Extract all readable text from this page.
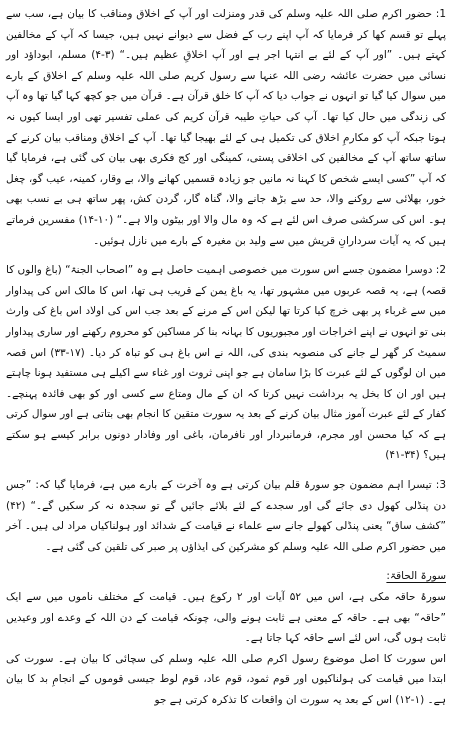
1: حضور اکرم صلی اللہ علیہ وسلم کی قدر ومنزلت اور آپ کے اخلاق ومناقب کا بیان ہے، سب سے پہلے تو قسم کھا کر فرمایا کہ آپ اپنے رب کے فضل سے دیوانے نہیں ہیں، جیسا کہ آپ کے مخالفین کہتے ہیں۔ ”اور آپ کے لئے بے انتہا اجر ہے اور آپ اخلاقِ عظیم ہیں۔“ (۳-۴) مسلم، ابوداؤد اور نسائی میں حضرت عائشہ رضی اللہ عنہا سے رسول کریم صلی اللہ علیہ وسلم کے اخلاق کے بارے میں سوال کیا گیا تو انہوں نے جواب دیا کہ آپ کا خلق قرآن ہے۔ قرآن میں جو کچھ کہا گیا تھا وہ آپ کی زندگی میں حال کیا تھا۔ آپ کی حیاتِ طیبہ قرآن کریم کی عملی تفسیر تھی اور ایسا کیوں نہ ہوتا جبکہ آپ کو مکارمِ اخلاق کی تکمیل ہی کے لئے بھیجا گیا تھا۔ آپ کے اخلاق ومناقب بیان کرنے کے ساتھ ساتھ آپ کے مخالفین کی اخلاقی پستی، کمینگی اور کج فکری بھی بیان کی گئی ہے، فرمایا گیا کہ آپ ”کسی ایسے شخص کا کہنا نہ مانیں جو زیادہ قسمیں کھانے والا، بے وقار، کمینہ، عیب گو، چغل خور، بھلائی سے روکنے والا، حد سے بڑھ جانے والا، گناہ گار، گردن کش، پھر ساتھ ہی بے نسب بھی ہو۔ اس کی سرکشی صرف اس لئے ہے کہ وہ مال والا اور بیٹوں والا ہے۔“ (۱۰-۱۴) مفسرین فرماتے ہیں کہ یہ آیات سردارانِ قریش میں سے ولید بن مغیرہ کے بارے میں نازل ہوئیں۔

2: دوسرا مضمون جسے اس سورت میں خصوصی اہمیت حاصل ہے وہ ”اصحاب الجنۃ“ (باغ والوں کا قصہ) ہے، یہ قصہ عربوں میں مشہور تھا، یہ باغ یمن کے قریب ہی تھا، اس کا مالک اس کی پیداوار میں سے غرباء پر بھی خرچ کیا کرتا تھا لیکن اس کے مرنے کے بعد جب اس کی اولاد اس باغ کی وارث بنی تو انہوں نے اپنے اخراجات اور مجبوریوں کا بہانہ بنا کر مساکین کو محروم رکھنے اور ساری پیداوار سمیٹ کر گھر لے جانے کی منصوبہ بندی کی، اللہ نے اس باغ ہی کو تباہ کر دیا۔ (۱۷-۳۳) اس قصہ میں ان لوگوں کے لئے عبرت کا بڑا سامان ہے جو اپنی ثروت اور غناء سے اکیلے ہی مستفید ہونا چاہتے ہیں اور ان کا بخل یہ برداشت نہیں کرتا کہ ان کے مال ومتاع سے کسی اور کو بھی فائدہ پہنچے۔ کفار کے لئے عبرت آموز مثال بیان کرنے کے بعد یہ سورت متقین کا انجام بھی بتاتی ہے اور سوال کرتی ہے کہ کیا محسن اور مجرم، فرمانبردار اور نافرمان، باغی اور وفادار دونوں برابر کیسے ہو سکتے ہیں؟ (۳۴-۴۱)

3: تیسرا اہم مضمون جو سورۂ قلم بیان کرتی ہے وہ آخرت کے بارے میں ہے، فرمایا گیا کہ: ”جس دن پنڈلی کھول دی جائے گی اور سجدے کے لئے بلائے جائیں گے تو سجدہ نہ کر سکیں گے۔“ (۴۲) ”کشف ساق“ یعنی پنڈلی کھولے جانے سے علماء نے قیامت کے شدائد اور ہولناکیاں مراد لی ہیں۔ آخر میں حضور اکرم صلی اللہ علیہ وسلم کو مشرکین کی ایذاؤں پر صبر کی تلقین کی گئی ہے۔

سورۃ الحاقۃ:

سورۂ حاقہ مکی ہے، اس میں ۵۲ آیات اور ۲ رکوع ہیں۔ قیامت کے مختلف ناموں میں سے ایک ”حاقہ“ بھی ہے۔ حاقہ کے معنی ہے ثابت ہونے والی، چونکہ قیامت کے دن اللہ کے وعدے اور وعیدیں ثابت ہوں گی، اس لئے اسے حاقہ کہا جاتا ہے۔

اس سورت کا اصل موضوع رسول اکرم صلی اللہ علیہ وسلم کی سچائی کا بیان ہے۔ سورت کی ابتدا میں قیامت کی ہولناکیوں اور قوم ثمود، قوم عاد، قوم لوط جیسی قوموں کے انجامِ بد کا بیان ہے۔ (۱-۱۲) اس کے بعد یہ سورت ان واقعات کا تذکرہ کرتی ہے جو
